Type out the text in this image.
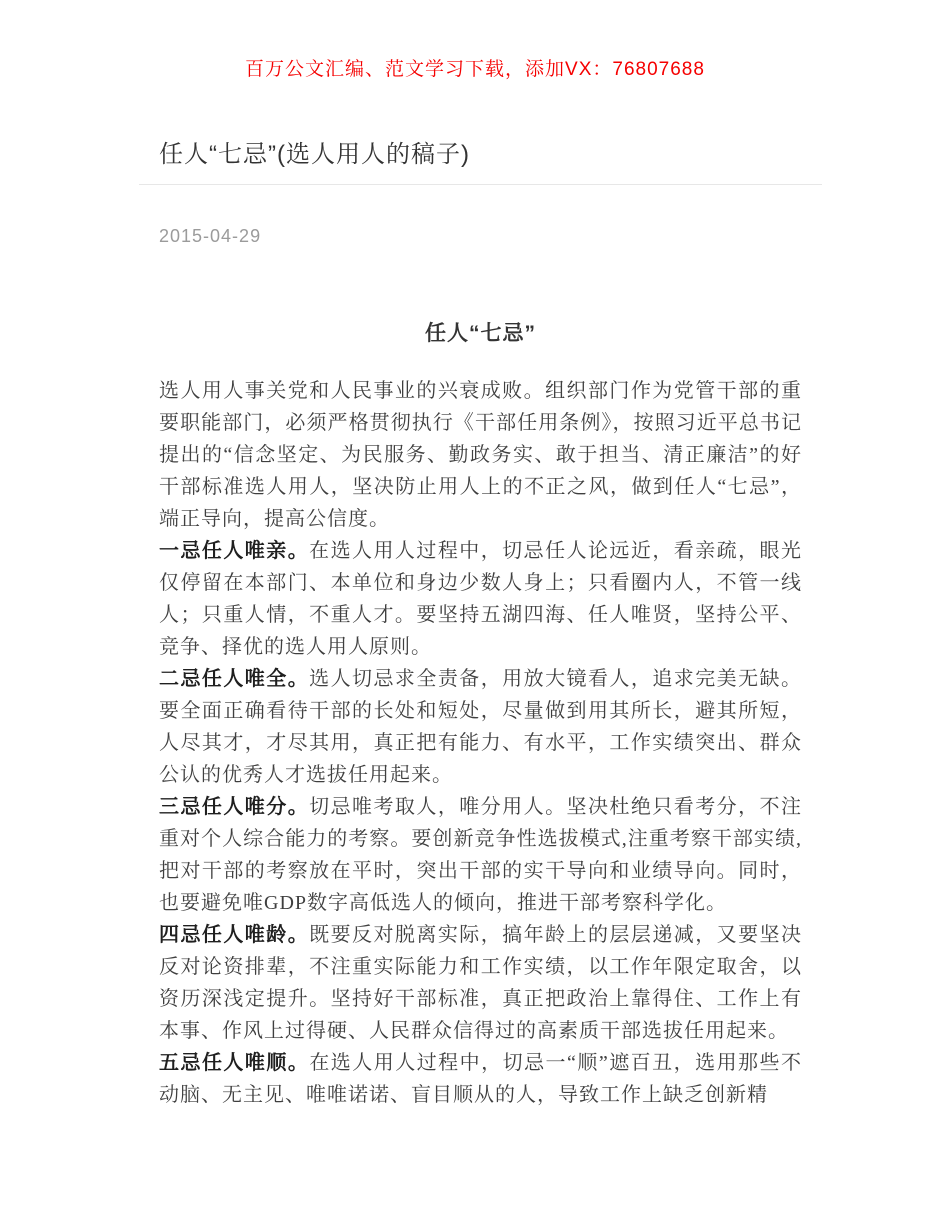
百万公文汇编、范文学习下载，添加VX：76807688
任人“七忌”(选人用人的稿子)
2015-04-29
任人“七忌”

选人用人事关党和人民事业的兴衰成败。组织部门作为党管干部的重要职能部门，必须严格贯彻执行《干部任用条例》，按照习近平总书记提出的“信念坚定、为民服务、勤政务实、敢于担当、清正廉洁”的好干部标准选人用人，坚决防止用人上的不正之风，做到任人“七忌”，端正导向，提高公信度。

一忌任人唯亲。在选人用人过程中，切忌任人论远近，看亲疏，眼光仅停留在本部门、本单位和身边少数人身上；只看圈内人，不管一线人；只重人情，不重人才。要坚持五湖四海、任人唯贤，坚持公平、竞争、择优的选人用人原则。

二忌任人唯全。选人切忌求全责备，用放大镜看人，追求完美无缺。要全面正确看待干部的长处和短处，尽量做到用其所长，避其所短，人尽其才，才尽其用，真正把有能力、有水平，工作实绩突出、群众公认的优秀人才选拔任用起来。

三忌任人唯分。切忌唯考取人，唯分用人。坚决杜绝只看考分，不注重对个人综合能力的考察。要创新竞争性选拔模式,注重考察干部实绩,把对干部的考察放在平时，突出干部的实干导向和业绩导向。同时，也要避免唯GDP数字高低选人的倾向，推进干部考察科学化。

四忌任人唯龄。既要反对脱离实际，搞年龄上的层层递减，又要坚决反对论资排辈，不注重实际能力和工作实绩，以工作年限定取舍，以资历深浅定提升。坚持好干部标准，真正把政治上靠得住、工作上有本事、作风上过得硬、人民群众信得过的高素质干部选拔任用起来。

五忌任人唯顺。在选人用人过程中，切忌一“顺”遮百丑，选用那些不动脑、无主见、唯唯诺诺、盲目顺从的人，导致工作上缺乏创新精
